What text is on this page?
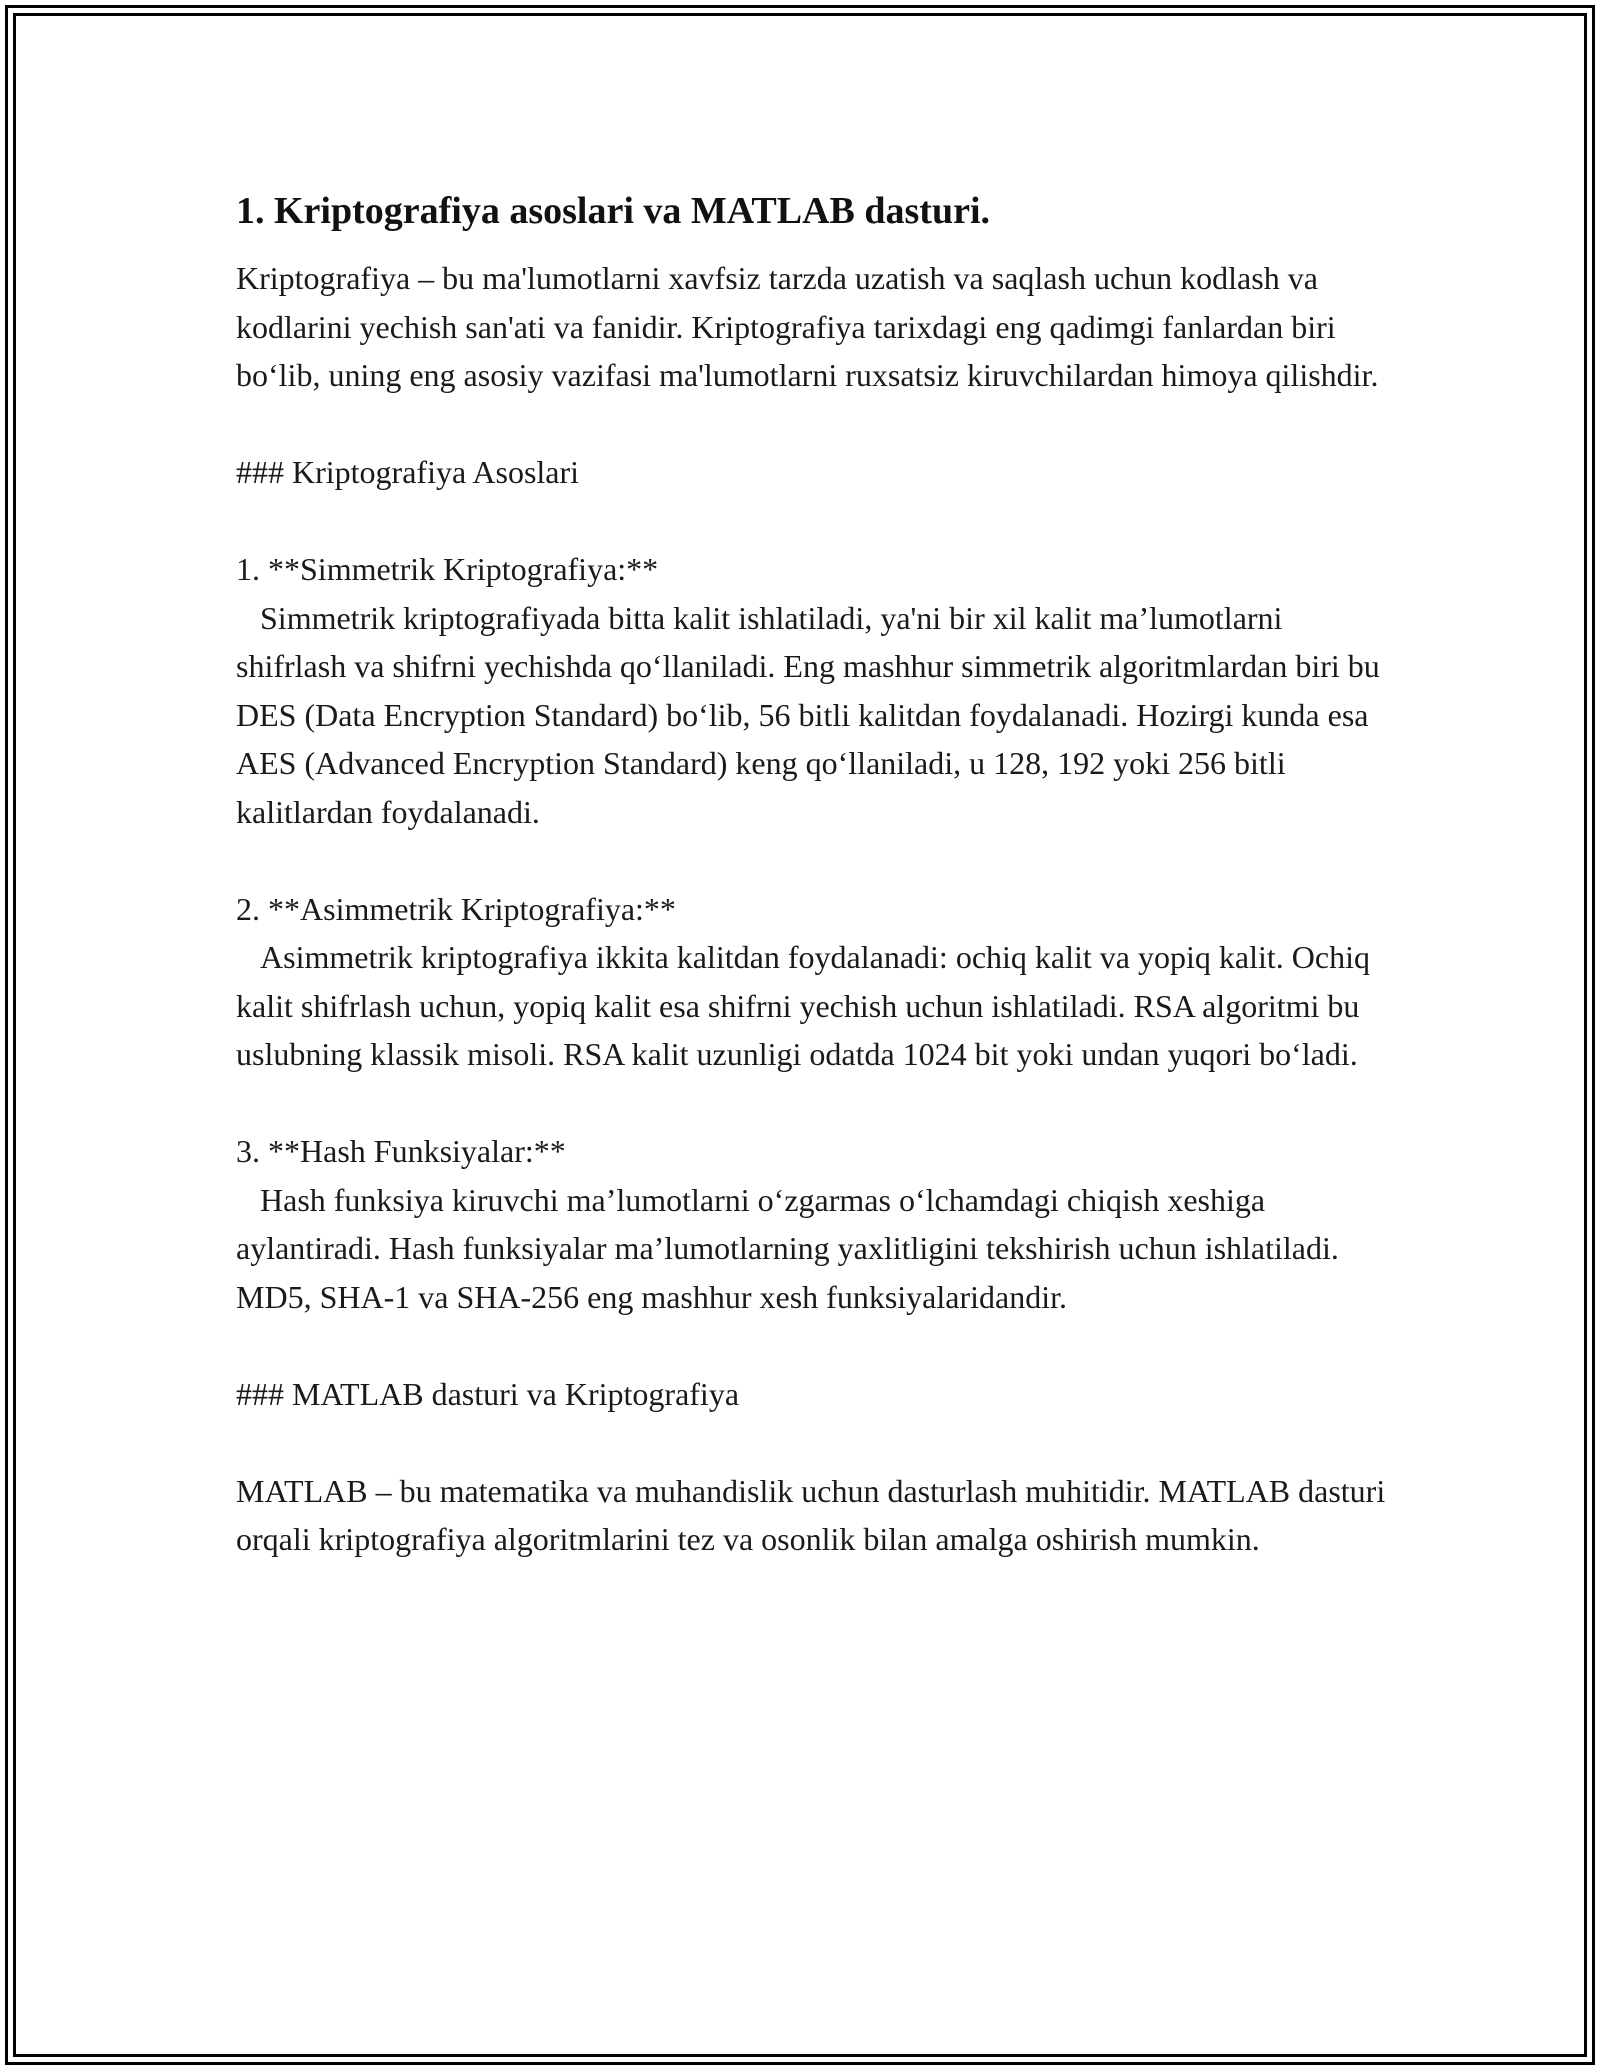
1. Kriptografiya asoslari va MATLAB dasturi.

Kriptografiya – bu ma'lumotlarni xavfsiz tarzda uzatish va saqlash uchun kodlash va kodlarini yechish san'ati va fanidir. Kriptografiya tarixdagi eng qadimgi fanlardan biri bo‘lib, uning eng asosiy vazifasi ma'lumotlarni ruxsatsiz kiruvchilardan himoya qilishdir.

### Kriptografiya Asoslari

1. **Simmetrik Kriptografiya:**

Simmetrik kriptografiyada bitta kalit ishlatiladi, ya'ni bir xil kalit ma’lumotlarni shifrlash va shifrni yechishda qo‘llaniladi. Eng mashhur simmetrik algoritmlardan biri bu DES (Data Encryption Standard) bo‘lib, 56 bitli kalitdan foydalanadi. Hozirgi kunda esa AES (Advanced Encryption Standard) keng qo‘llaniladi, u 128, 192 yoki 256 bitli kalitlardan foydalanadi.

2. **Asimmetrik Kriptografiya:**

Asimmetrik kriptografiya ikkita kalitdan foydalanadi: ochiq kalit va yopiq kalit. Ochiq kalit shifrlash uchun, yopiq kalit esa shifrni yechish uchun ishlatiladi. RSA algoritmi bu uslubning klassik misoli. RSA kalit uzunligi odatda 1024 bit yoki undan yuqori bo‘ladi.

3. **Hash Funksiyalar:**

Hash funksiya kiruvchi ma’lumotlarni o‘zgarmas o‘lchamdagi chiqish xeshiga aylantiradi. Hash funksiyalar ma’lumotlarning yaxlitligini tekshirish uchun ishlatiladi. MD5, SHA-1 va SHA-256 eng mashhur xesh funksiyalaridandir.

### MATLAB dasturi va Kriptografiya

MATLAB – bu matematika va muhandislik uchun dasturlash muhitidir. MATLAB dasturi orqali kriptografiya algoritmlarini tez va osonlik bilan amalga oshirish mumkin.
